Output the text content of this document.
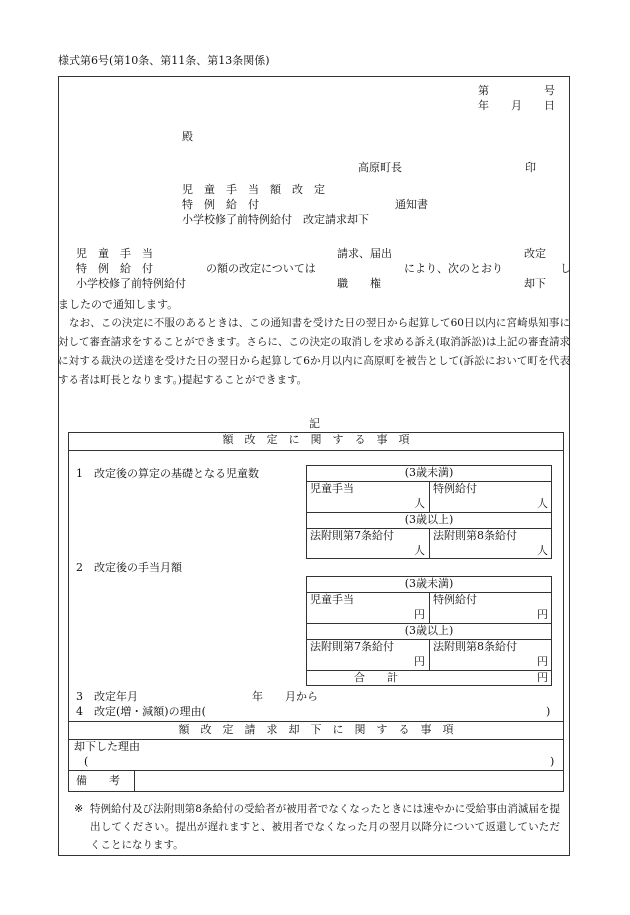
様式第6号(第10条、第11条、第13条関係)
第　　　　　号
年　　月　　日
殿
高原町長	印
児　童　手　当　額　改　定
特　例　給　付	通知書
小学校修了前特例給付　改定請求却下
児　童　手　当
特　例　給　付
小学校修了前特例給付
の額の改定については
請求、届出
職　　権
により、次のとおり
改定
却下
し
ましたので通知します。
なお、この決定に不服のあるときは、この通知書を受けた日の翌日から起算して60日以内に宮崎県知事に対して審査請求をすることができます。さらに、この決定の取消しを求める訴え(取消訴訟)は上記の審査請求に対する裁決の送達を受けた日の翌日から起算して6か月以内に高原町を被告として(訴訟において町を代表する者は町長となります。)提起することができます。
記
額　改　定　に　関　す　る　事　項
1　改定後の算定の基礎となる児童数	(3歳未満)
児童手当	特例給付
人	人
(3歳以上)
法附則第7条給付	法附則第8条給付
人	人
2　改定後の手当月額
(3歳未満)
児童手当	特例給付
円	円
(3歳以上)
法附則第7条給付	法附則第8条給付
円	円
合　　計	円
3　改定年月	年　　月から
4　改定(増・減額)の理由(	)
額　改　定　請　求　却　下　に　関　す　る　事　項
却下した理由
(	)
備　　考
※ 特例給付及び法附則第8条給付の受給者が被用者でなくなったときには速やかに受給事由消滅届を提出してください。提出が遅れますと、被用者でなくなった月の翌月以降分について返還していただくことになります。
